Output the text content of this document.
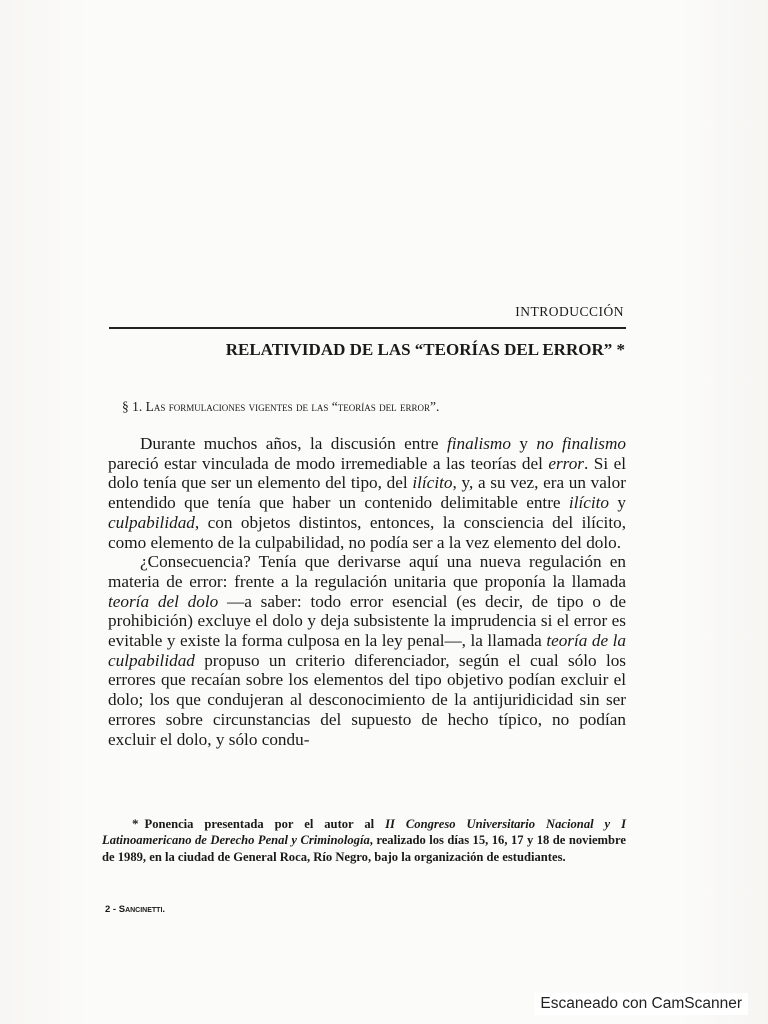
INTRODUCCIÓN
RELATIVIDAD DE LAS “TEORÍAS DEL ERROR” *
§ 1. Las formulaciones vigentes de las “teorías del error”.

Durante muchos años, la discusión entre finalismo y no finalismo pareció estar vinculada de modo irremediable a las teorías del error. Si el dolo tenía que ser un elemento del tipo, del ilícito, y, a su vez, era un valor entendido que tenía que haber un contenido delimitable entre ilícito y culpabilidad, con objetos distintos, entonces, la consciencia del ilícito, como elemento de la culpabilidad, no podía ser a la vez elemento del dolo.

¿Consecuencia? Tenía que derivarse aquí una nueva regulación en materia de error: frente a la regulación unitaria que proponía la llamada teoría del dolo —a saber: todo error esencial (es decir, de tipo o de prohibición) excluye el dolo y deja subsistente la imprudencia si el error es evitable y existe la forma culposa en la ley penal—, la llamada teoría de la culpabilidad propuso un criterio diferenciador, según el cual sólo los errores que recaían sobre los elementos del tipo objetivo podían excluir el dolo; los que condujeran al desconocimiento de la antijuridicidad sin ser errores sobre circunstancias del supuesto de hecho típico, no podían excluir el dolo, y sólo condu-

* Ponencia presentada por el autor al II Congreso Universitario Nacional y I Latinoamericano de Derecho Penal y Criminología, realizado los días 15, 16, 17 y 18 de noviembre de 1989, en la ciudad de General Roca, Río Negro, bajo la organización de estudiantes.
2 - Sancinetti.
Escaneado con CamScanner
